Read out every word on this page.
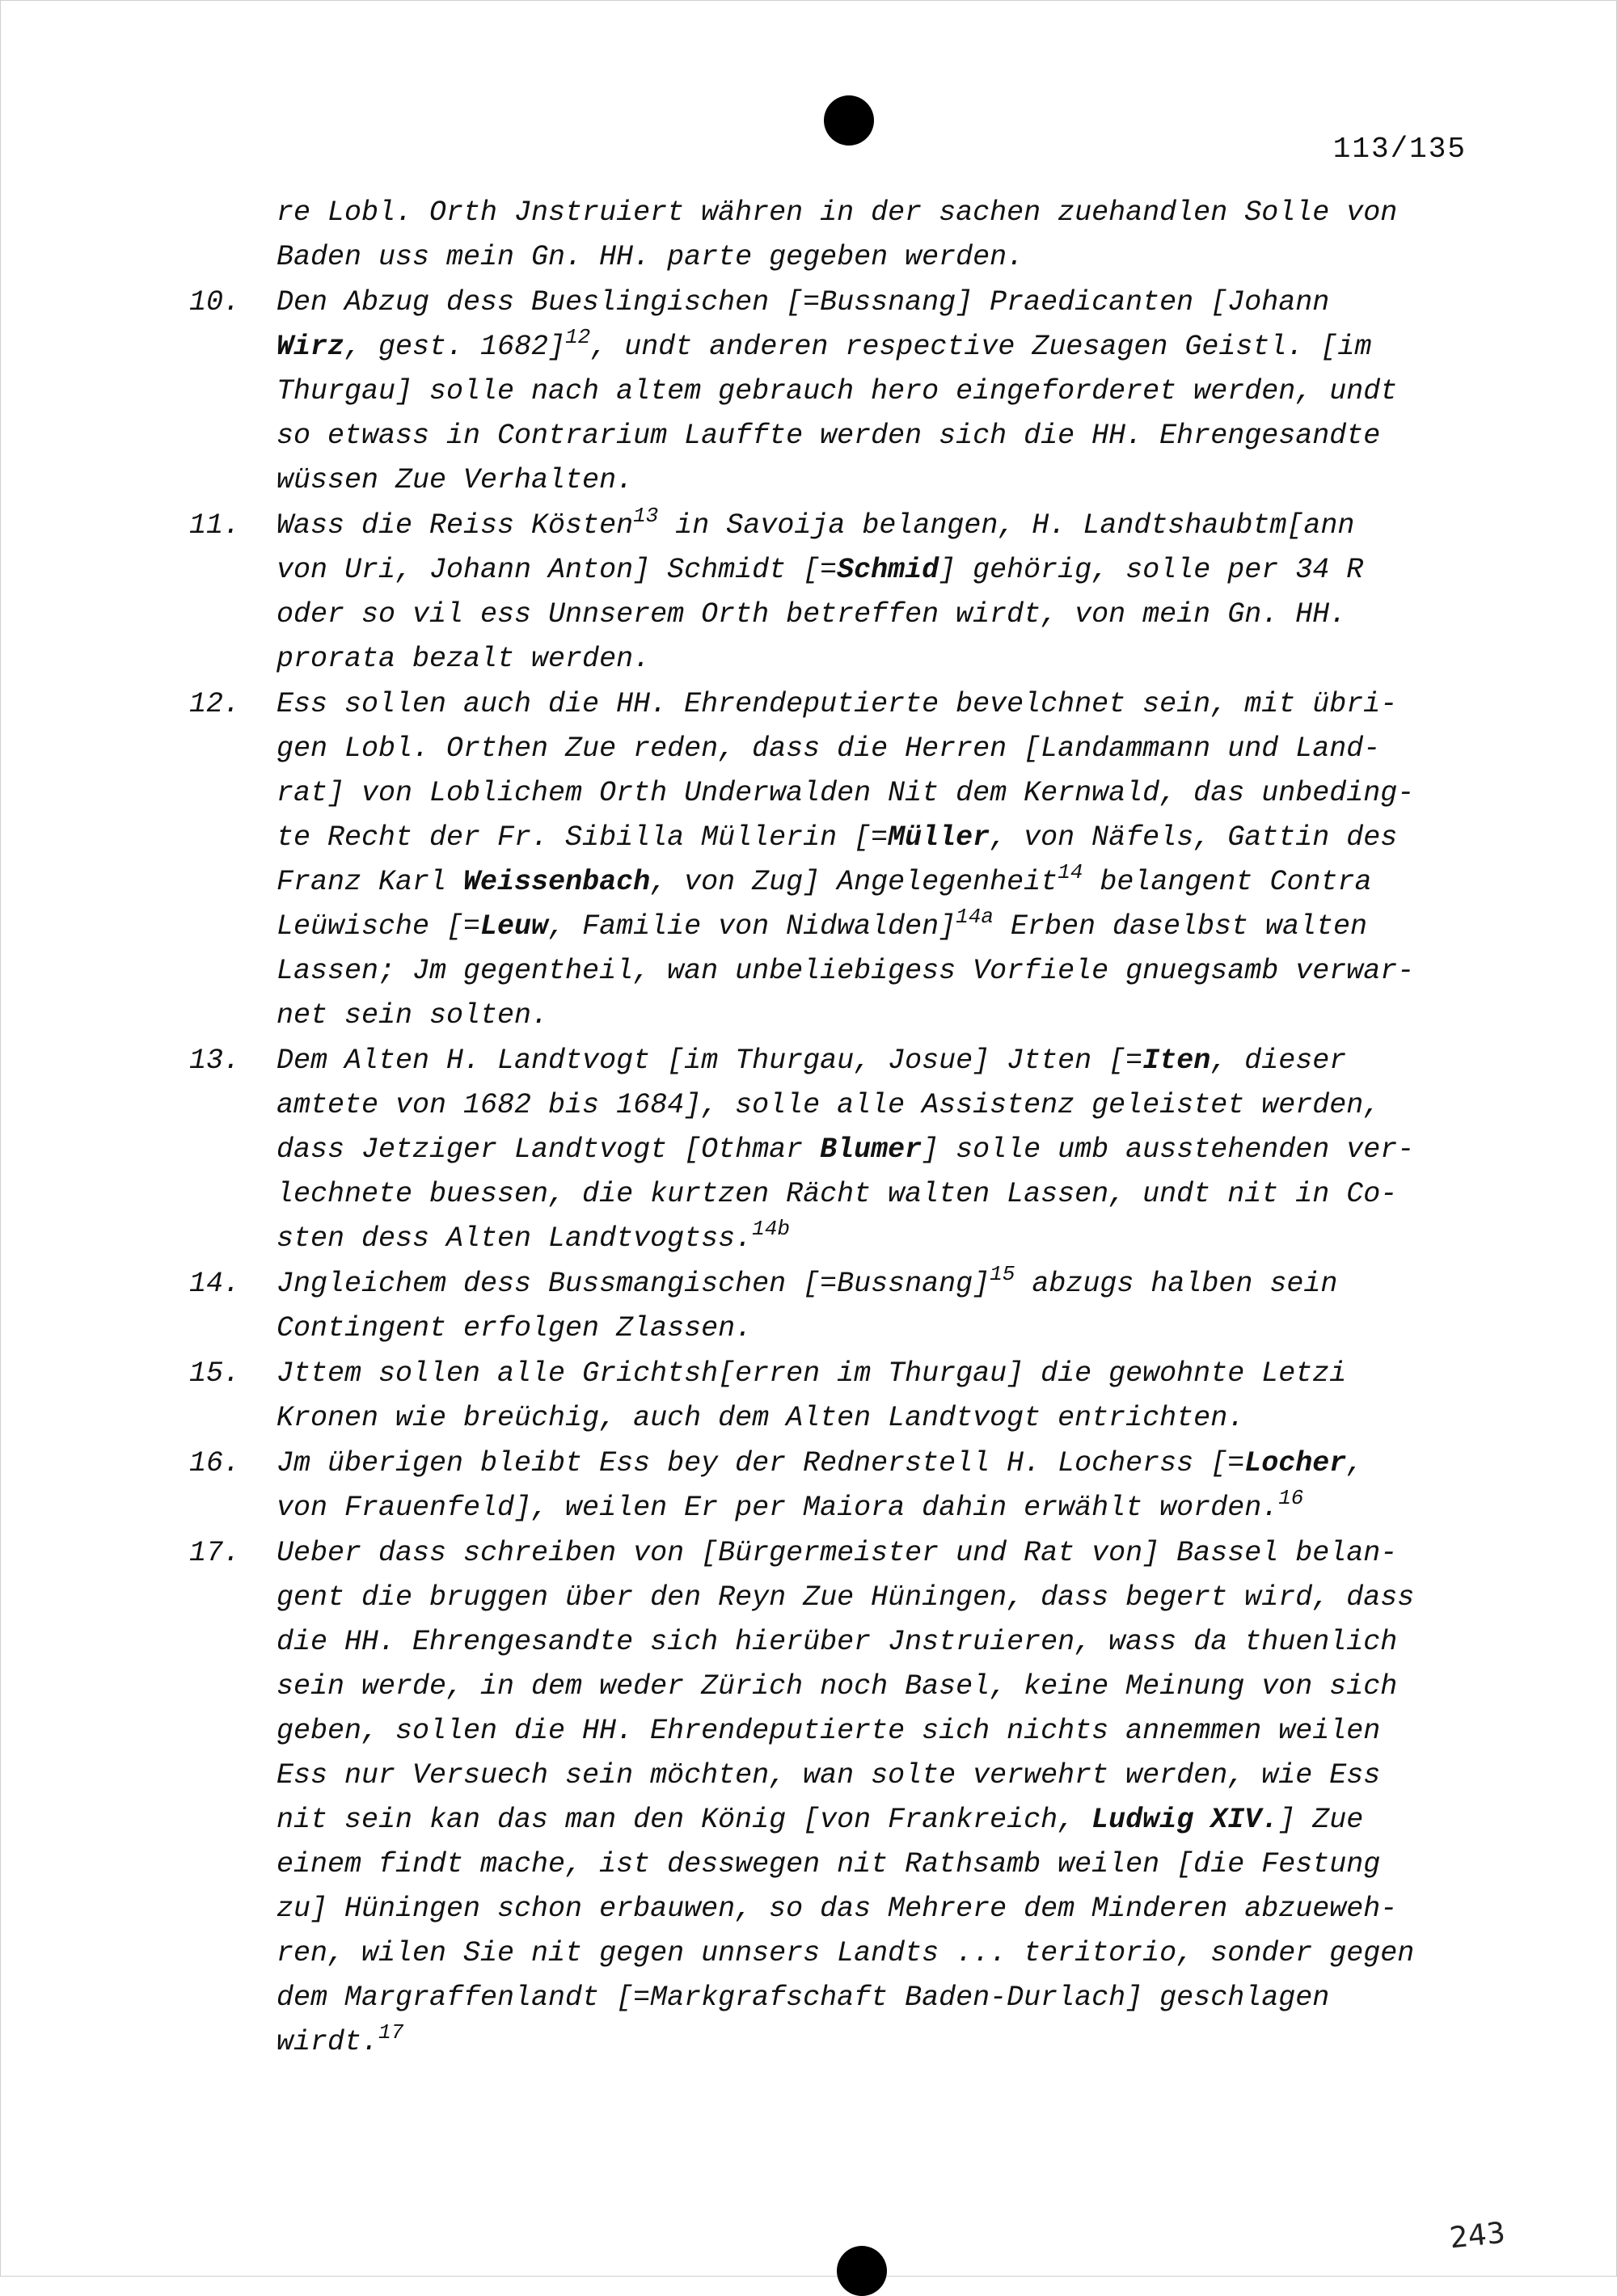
113/135
re Lobl. Orth Jnstruiert währen in der sachen zuehandlen Solle von
Baden uss mein Gn. HH. parte gegeben werden.
10. Den Abzug dess Bueslingischen [=Bussnang] Praedicanten [Johann
Wirz, gest. 1682]$^{12}$, undt anderen respective Zuesagen Geistl. [im
Thurgau] solle nach altem gebrauch hero eingeforderet werden, undt
so etwass in Contrarium Lauffte werden sich die HH. Ehrengesandte
wüssen Zue Verhalten.
11. Wass die Reiss Kösten$^{13}$ in Savoija belangen, H. Landtshaubtm[ann
von Uri, Johann Anton] Schmidt [=Schmid] gehörig, solle per 34 R
oder so vil ess Unnserem Orth betreffen wirdt, von mein Gn. HH.
prorata bezalt werden.
12. Ess sollen auch die HH. Ehrendeputierte bevelchnet sein, mit übri-
gen Lobl. Orthen Zue reden, dass die Herren [Landammann und Land-
rat] von Loblichem Orth Underwalden Nit dem Kernwald, das unbeding-
te Recht der Fr. Sibilla Müllerin [=Müller, von Näfels, Gattin des
Franz Karl Weissenbach, von Zug] Angelegenheit$^{14}$ belangent Contra
Leüwische [=Leuw, Familie von Nidwalden]$^{14a}$ Erben daselbst walten
Lassen; Jm gegentheil, wan unbeliebigess Vorfiele gnuegsamb verwar-
net sein solten.
13. Dem Alten H. Landtvogt [im Thurgau, Josue] Jtten [=Iten, dieser
amtete von 1682 bis 1684], solle alle Assistenz geleistet werden,
dass Jetziger Landtvogt [Othmar Blumer] solle umb ausstehenden ver-
lechnete buessen, die kurtzen Rächt walten Lassen, undt nit in Co-
sten dess Alten Landtvogtss.$^{14b}$
14. Jngleichem dess Bussmangischen [=Bussnang]$^{15}$ abzugs halben sein
Contingent erfolgen Zlassen.
15. Jttem sollen alle Grichtsh[erren im Thurgau] die gewohnte Letzi
Kronen wie breüchig, auch dem Alten Landtvogt entrichten.
16. Jm überigen bleibt Ess bey der Rednerstell H. Locherss [=Locher,
von Frauenfeld], weilen Er per Maiora dahin erwählt worden.$^{16}$
17. Ueber dass schreiben von [Bürgermeister und Rat von] Bassel belan-
gent die bruggen über den Reyn Zue Hüningen, dass begert wird, dass
die HH. Ehrengesandte sich hierüber Jnstruieren, wass da thuenlich
sein werde, in dem weder Zürich noch Basel, keine Meinung von sich
geben, sollen die HH. Ehrendeputierte sich nichts annemmen weilen
Ess nur Versuech sein möchten, wan solte verwehrt werden, wie Ess
nit sein kan das man den König [von Frankreich, Ludwig XIV.] Zue
einem findt mache, ist desswegen nit Rathsamb weilen [die Festung
zu] Hüningen schon erbauwen, so das Mehrere dem Minderen abzueweh-
ren, wilen Sie nit gegen unnsers Landts ... teritorio, sonder gegen
dem Margraffenlandt [=Markgrafschaft Baden-Durlach] geschlagen
wirdt.$^{17}$
243
